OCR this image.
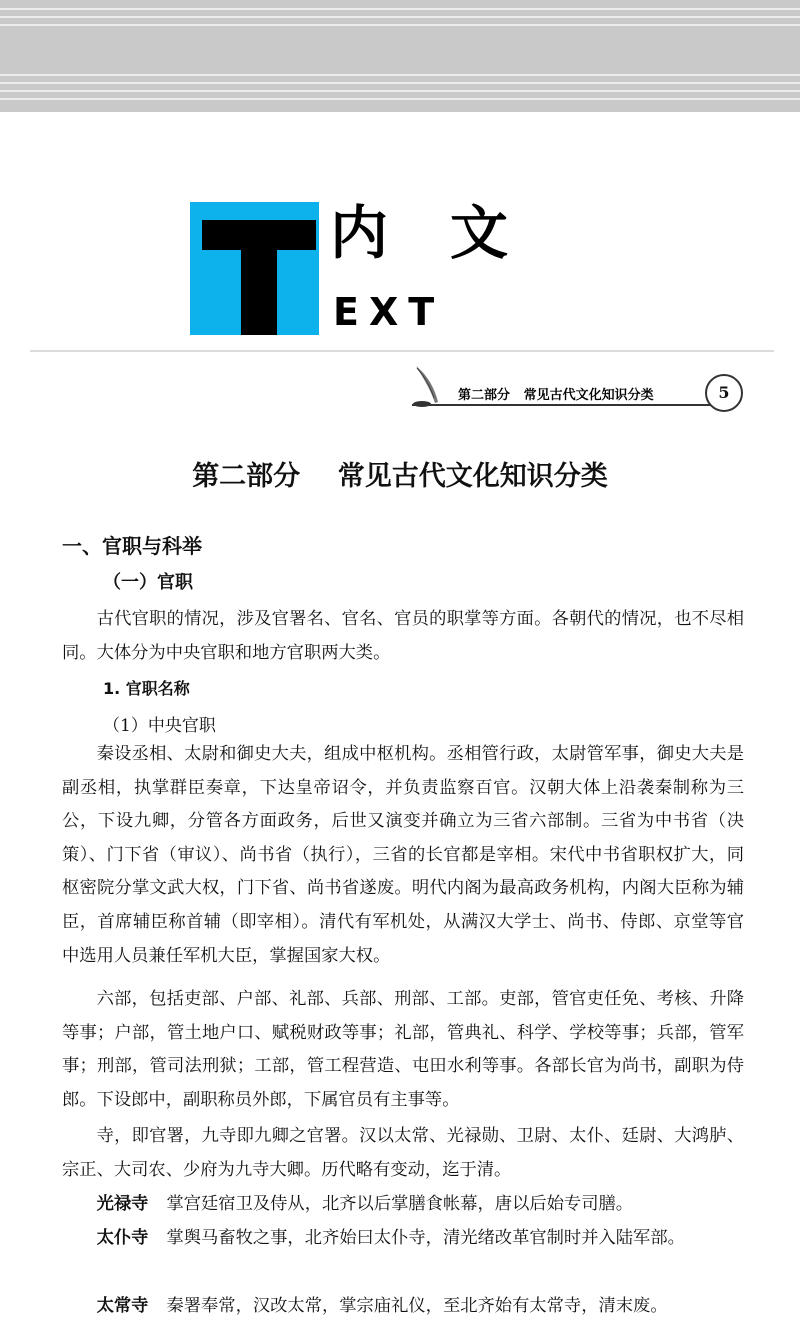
内文
EXT
第二部分   常见古代文化知识分类	5
第二部分    常见古代文化知识分类
一、官职与科举
（一）官职

古代官职的情况，涉及官署名、官名、官员的职掌等方面。各朝代的情况，也不尽相同。大体分为中央官职和地方官职两大类。

1. 官职名称
（1）中央官职

秦设丞相、太尉和御史大夫，组成中枢机构。丞相管行政，太尉管军事，御史大夫是副丞相，执掌群臣奏章，下达皇帝诏令，并负责监察百官。汉朝大体上沿袭秦制称为三公，下设九卿，分管各方面政务，后世又演变并确立为三省六部制。三省为中书省（决策）、门下省（审议）、尚书省（执行），三省的长官都是宰相。宋代中书省职权扩大，同枢密院分掌文武大权，门下省、尚书省遂废。明代内阁为最高政务机构，内阁大臣称为辅臣，首席辅臣称首辅（即宰相）。清代有军机处，从满汉大学士、尚书、侍郎、京堂等官中选用人员兼任军机大臣，掌握国家大权。

六部，包括吏部、户部、礼部、兵部、刑部、工部。吏部，管官吏任免、考核、升降等事；户部，管土地户口、赋税财政等事；礼部，管典礼、科学、学校等事；兵部，管军事；刑部，管司法刑狱；工部，管工程营造、屯田水利等事。各部长官为尚书，副职为侍郎。下设郎中，副职称员外郎，下属官员有主事等。

寺，即官署，九寺即九卿之官署。汉以太常、光禄勋、卫尉、太仆、廷尉、大鸿胪、宗正、大司农、少府为九寺大卿。历代略有变动，迄于清。

光禄寺 掌宫廷宿卫及侍从，北齐以后掌膳食帐幕，唐以后始专司膳。

太仆寺 掌舆马畜牧之事，北齐始曰太仆寺，清光绪改革官制时并入陆军部。

太常寺 秦署奉常，汉改太常，掌宗庙礼仪，至北齐始有太常寺，清末废。
